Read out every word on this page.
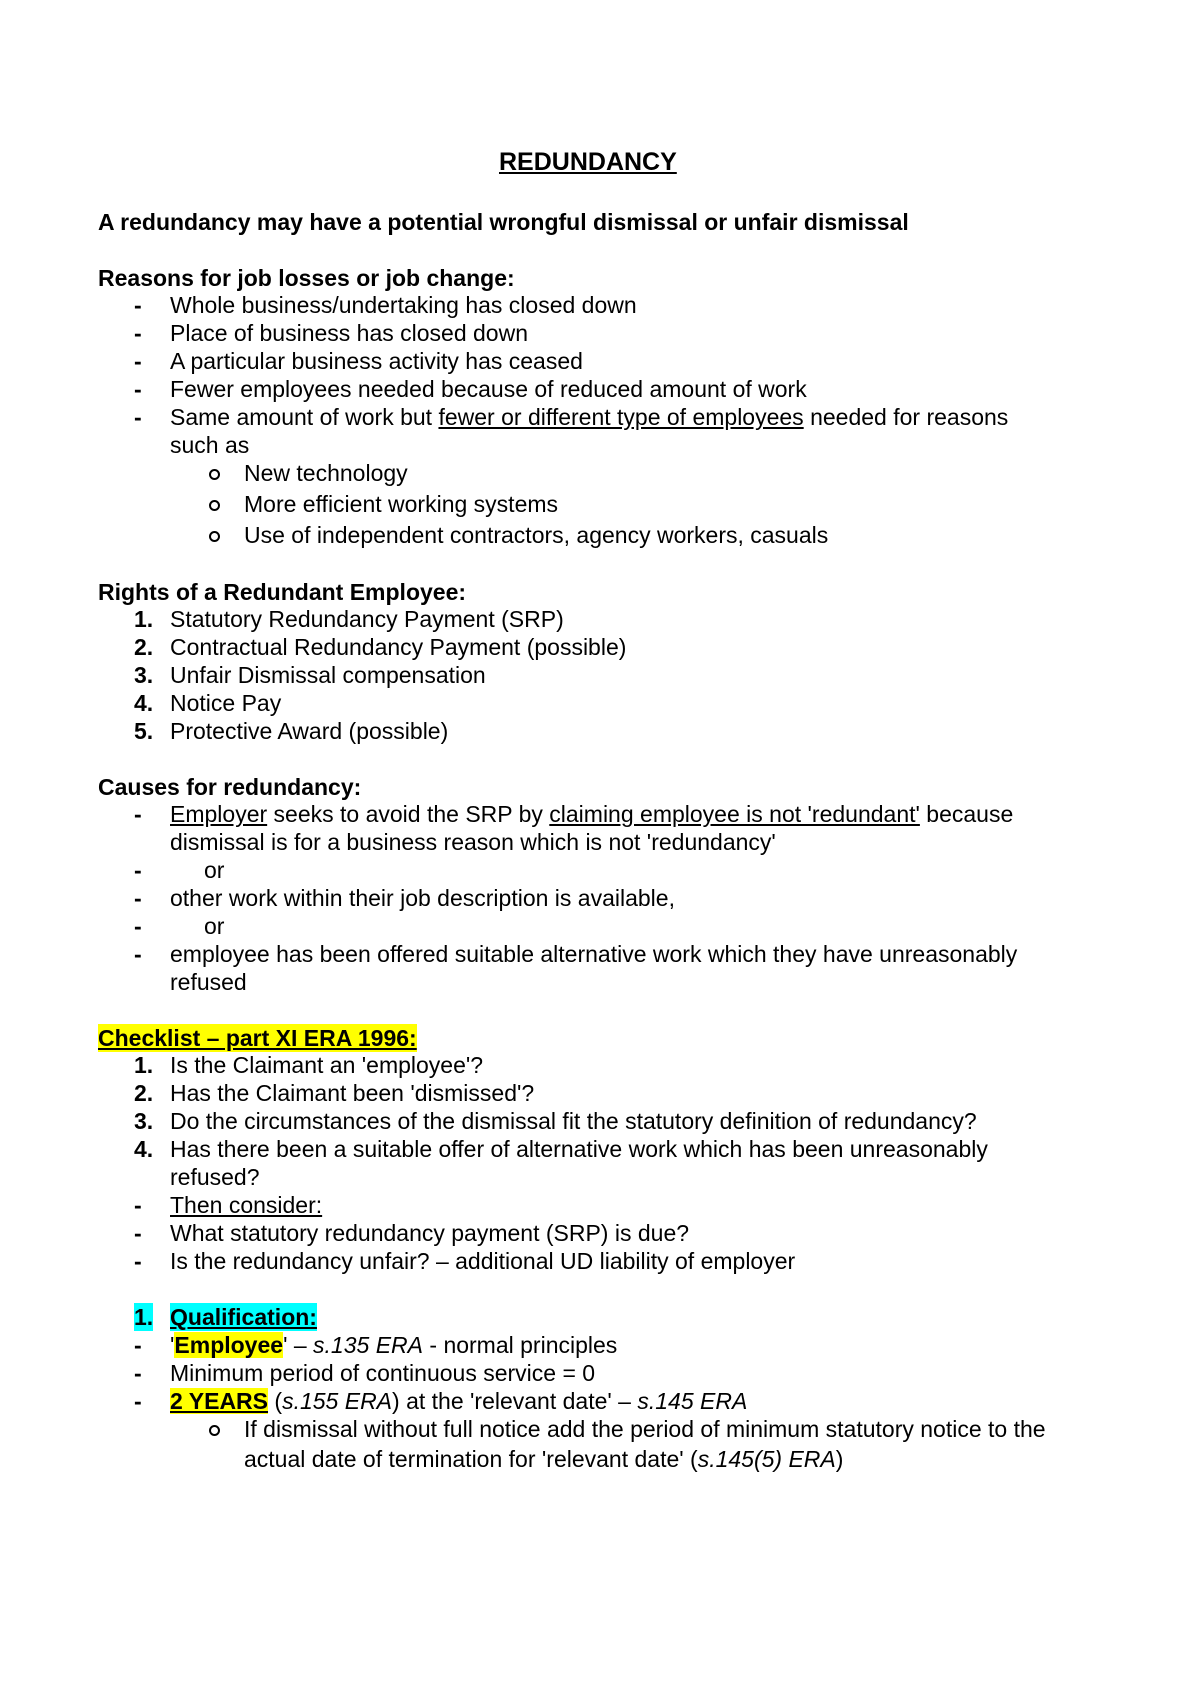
REDUNDANCY
A redundancy may have a potential wrongful dismissal or unfair dismissal
Reasons for job losses or job change:
- Whole business/undertaking has closed down
- Place of business has closed down
- A particular business activity has ceased
- Fewer employees needed because of reduced amount of work
- Same amount of work but fewer or different type of employees needed for reasons
such as
New technology
More efficient working systems
Use of independent contractors, agency workers, casuals
Rights of a Redundant Employee:
1. Statutory Redundancy Payment (SRP)
2. Contractual Redundancy Payment (possible)
3. Unfair Dismissal compensation
4. Notice Pay
5. Protective Award (possible)
Causes for redundancy:
- Employer seeks to avoid the SRP by claiming employee is not 'redundant' because
dismissal is for a business reason which is not 'redundancy'
-	or
- other work within their job description is available,
-	or
- employee has been offered suitable alternative work which they have unreasonably
refused
Checklist – part XI ERA 1996:
1. Is the Claimant an 'employee'?
2. Has the Claimant been 'dismissed'?
3. Do the circumstances of the dismissal fit the statutory definition of redundancy?
4. Has there been a suitable offer of alternative work which has been unreasonably
refused?
- Then consider:
- What statutory redundancy payment (SRP) is due?
- Is the redundancy unfair? – additional UD liability of employer
1. Qualification:
- 'Employee' – s.135 ERA - normal principles
- Minimum period of continuous service = 0
- 2 YEARS (s.155 ERA) at the 'relevant date' – s.145 ERA
If dismissal without full notice add the period of minimum statutory notice to the
actual date of termination for 'relevant date' (s.145(5) ERA)
